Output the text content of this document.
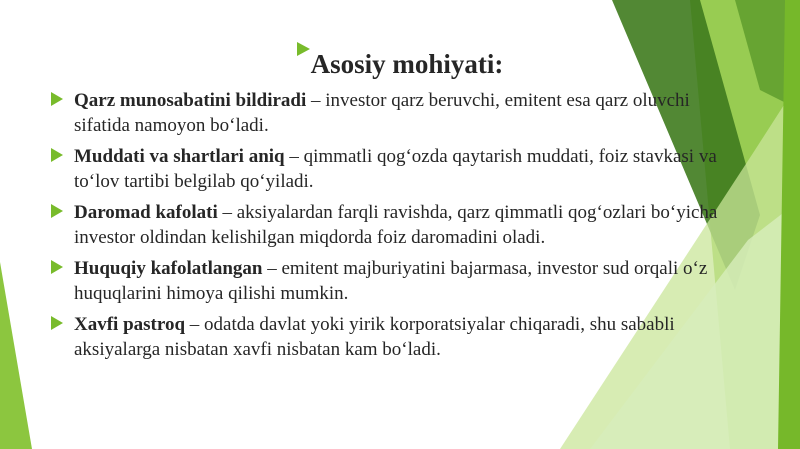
Asosiy mohiyati:
Qarz munosabatini bildiradi – investor qarz beruvchi, emitent esa qarz oluvchi sifatida namoyon bo‘ladi.
Muddati va shartlari aniq – qimmatli qog‘ozda qaytarish muddati, foiz stavkasi va to‘lov tartibi belgilab qo‘yiladi.
Daromad kafolati – aksiyalardan farqli ravishda, qarz qimmatli qog‘ozlari bo‘yicha investor oldindan kelishilgan miqdorda foiz daromadini oladi.
Huquqiy kafolatlangan – emitent majburiyatini bajarmasa, investor sud orqali o‘z huquqlarini himoya qilishi mumkin.
Xavfi pastroq – odatda davlat yoki yirik korporatsiyalar chiqaradi, shu sababli aksiyalarga nisbatan xavfi nisbatan kam bo‘ladi.
